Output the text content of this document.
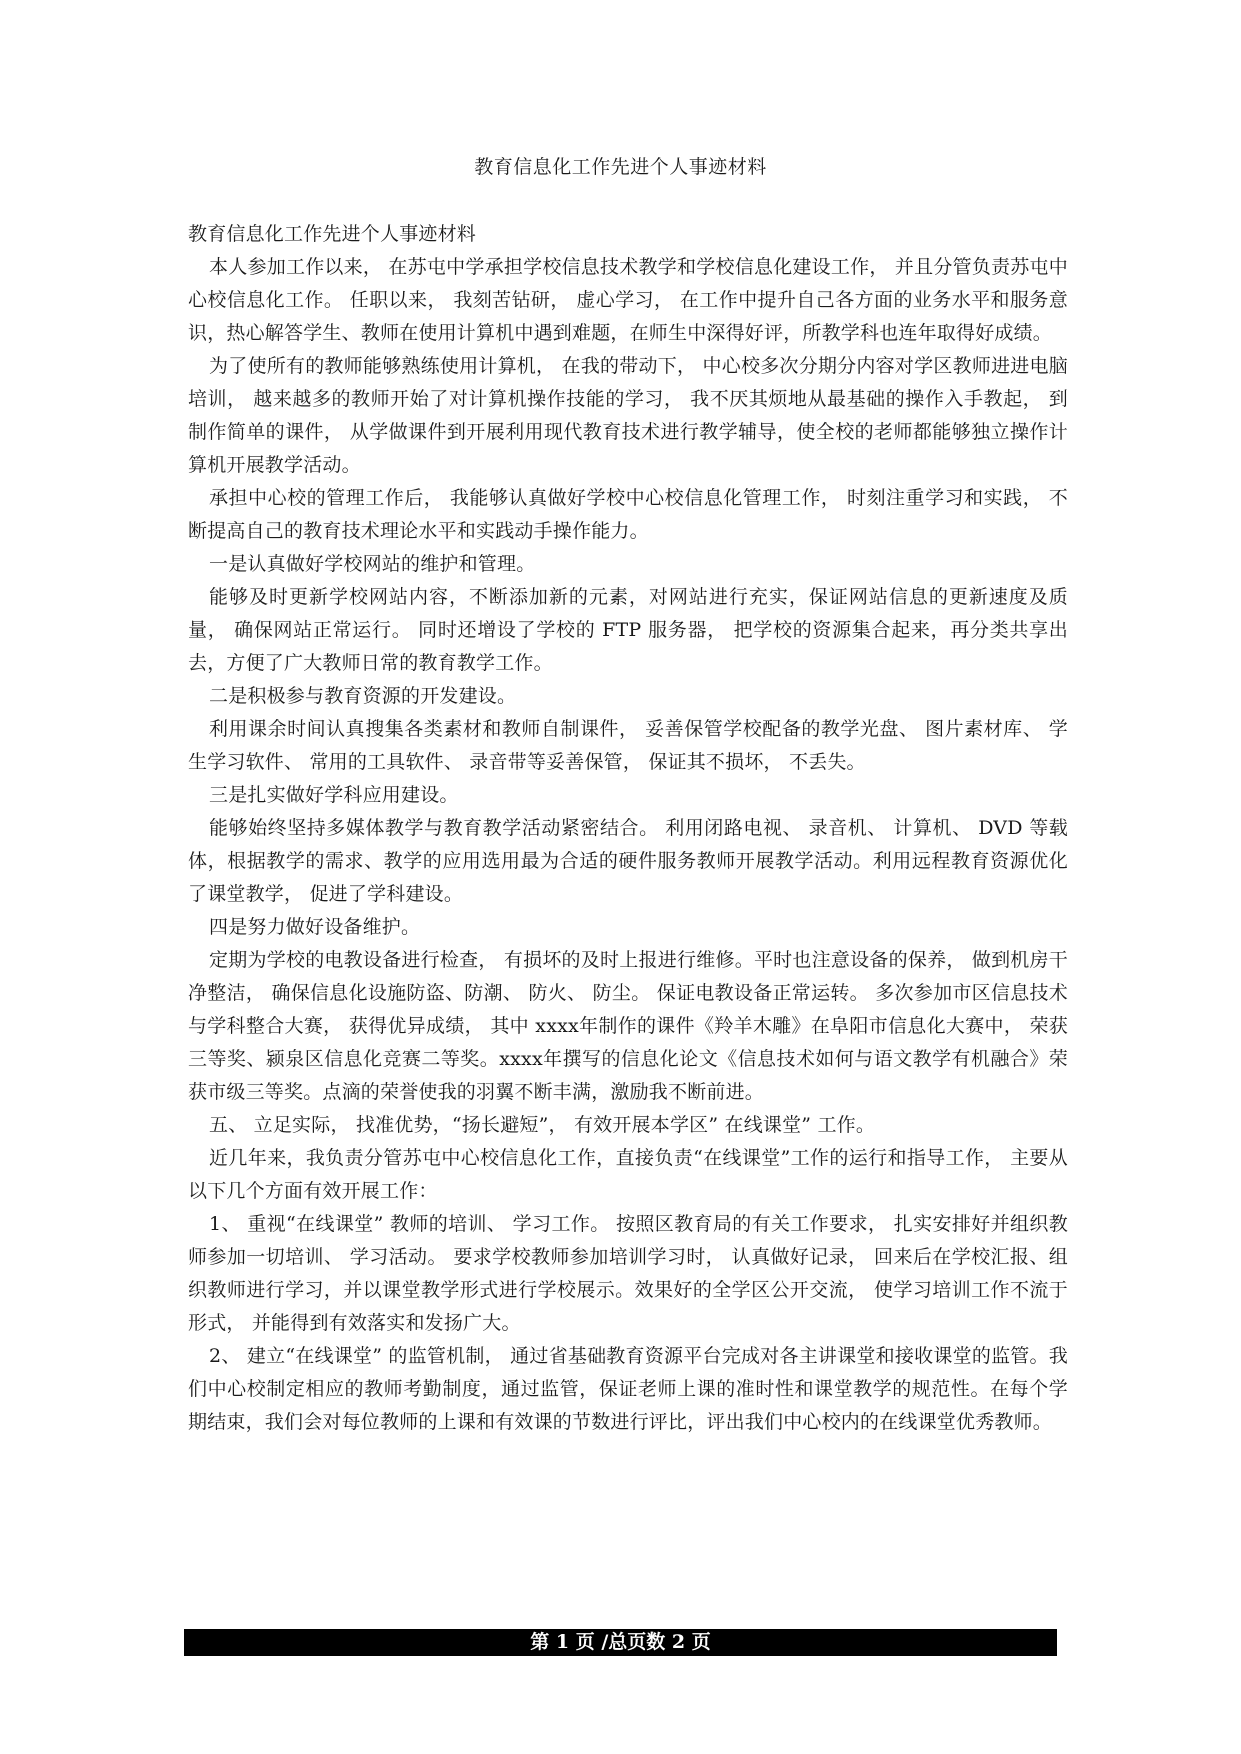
教育信息化工作先进个人事迹材料

教育信息化工作先进个人事迹材料

本人参加工作以来， 在苏屯中学承担学校信息技术教学和学校信息化建设工作， 并且分管负责苏屯中心校信息化工作。 任职以来， 我刻苦钻研， 虚心学习， 在工作中提升自己各方面的业务水平和服务意识，热心解答学生、教师在使用计算机中遇到难题，在师生中深得好评，所教学科也连年取得好成绩。

为了使所有的教师能够熟练使用计算机， 在我的带动下， 中心校多次分期分内容对学区教师进进电脑培训， 越来越多的教师开始了对计算机操作技能的学习， 我不厌其烦地从最基础的操作入手教起， 到制作简单的课件， 从学做课件到开展利用现代教育技术进行教学辅导，使全校的老师都能够独立操作计算机开展教学活动。

承担中心校的管理工作后， 我能够认真做好学校中心校信息化管理工作， 时刻注重学习和实践， 不断提高自己的教育技术理论水平和实践动手操作能力。

一是认真做好学校网站的维护和管理。

能够及时更新学校网站内容，不断添加新的元素，对网站进行充实，保证网站信息的更新速度及质量， 确保网站正常运行。 同时还增设了学校的 FTP 服务器， 把学校的资源集合起来，再分类共享出去，方便了广大教师日常的教育教学工作。

二是积极参与教育资源的开发建设。

利用课余时间认真搜集各类素材和教师自制课件， 妥善保管学校配备的教学光盘、 图片素材库、 学生学习软件、 常用的工具软件、 录音带等妥善保管， 保证其不损坏， 不丢失。

三是扎实做好学科应用建设。

能够始终坚持多媒体教学与教育教学活动紧密结合。 利用闭路电视、 录音机、 计算机、 DVD 等载体，根据教学的需求、教学的应用选用最为合适的硬件服务教师开展教学活动。利用远程教育资源优化了课堂教学， 促进了学科建设。

四是努力做好设备维护。

定期为学校的电教设备进行检查， 有损坏的及时上报进行维修。平时也注意设备的保养， 做到机房干净整洁， 确保信息化设施防盗、防潮、 防火、 防尘。 保证电教设备正常运转。 多次参加市区信息技术与学科整合大赛， 获得优异成绩， 其中 xxxx年制作的课件《羚羊木雕》在阜阳市信息化大赛中， 荣获三等奖、颍泉区信息化竞赛二等奖。xxxx年撰写的信息化论文《信息技术如何与语文教学有机融合》荣获市级三等奖。点滴的荣誉使我的羽翼不断丰满，激励我不断前进。

五、 立足实际， 找准优势，“扬长避短”， 有效开展本学区” 在线课堂” 工作。

近几年来，我负责分管苏屯中心校信息化工作，直接负责“在线课堂”工作的运行和指导工作， 主要从以下几个方面有效开展工作：

1、 重视“在线课堂” 教师的培训、 学习工作。 按照区教育局的有关工作要求， 扎实安排好并组织教师参加一切培训、 学习活动。 要求学校教师参加培训学习时， 认真做好记录， 回来后在学校汇报、组织教师进行学习，并以课堂教学形式进行学校展示。效果好的全学区公开交流， 使学习培训工作不流于形式， 并能得到有效落实和发扬广大。

2、 建立“在线课堂” 的监管机制， 通过省基础教育资源平台完成对各主讲课堂和接收课堂的监管。我们中心校制定相应的教师考勤制度，通过监管，保证老师上课的准时性和课堂教学的规范性。在每个学期结束，我们会对每位教师的上课和有效课的节数进行评比，评出我们中心校内的在线课堂优秀教师。

第 1 页 /总页数 2 页
